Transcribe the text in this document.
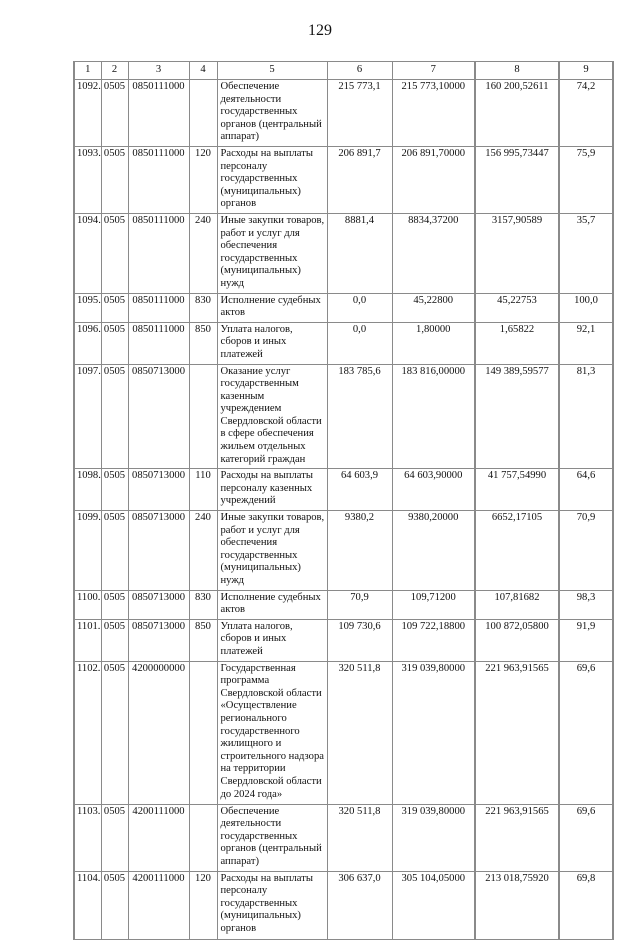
129
1	2	3	4	5	6	7	8	9
1092.	0505	0850111000		Обеспечение деятельности государственных органов (центральный аппарат)	215 773,1	215 773,10000	160 200,52611	74,2
1093.	0505	0850111000	120	Расходы на выплаты персоналу государственных (муниципальных) органов	206 891,7	206 891,70000	156 995,73447	75,9
1094.	0505	0850111000	240	Иные закупки товаров, работ и услуг для обеспечения государственных (муниципальных) нужд	8881,4	8834,37200	3157,90589	35,7
1095.	0505	0850111000	830	Исполнение судебных актов	0,0	45,22800	45,22753	100,0
1096.	0505	0850111000	850	Уплата налогов, сборов и иных платежей	0,0	1,80000	1,65822	92,1
1097.	0505	0850713000		Оказание услуг государственным казенным учреждением Свердловской области в сфере обеспечения жильем отдельных категорий граждан	183 785,6	183 816,00000	149 389,59577	81,3
1098.	0505	0850713000	110	Расходы на выплаты персоналу казенных учреждений	64 603,9	64 603,90000	41 757,54990	64,6
1099.	0505	0850713000	240	Иные закупки товаров, работ и услуг для обеспечения государственных (муниципальных) нужд	9380,2	9380,20000	6652,17105	70,9
1100.	0505	0850713000	830	Исполнение судебных актов	70,9	109,71200	107,81682	98,3
1101.	0505	0850713000	850	Уплата налогов, сборов и иных платежей	109 730,6	109 722,18800	100 872,05800	91,9
1102.	0505	4200000000		Государственная программа Свердловской области «Осуществление регионального государственного жилищного и строительного надзора на территории Свердловской области до 2024 года»	320 511,8	319 039,80000	221 963,91565	69,6
1103.	0505	4200111000		Обеспечение деятельности государственных органов (центральный аппарат)	320 511,8	319 039,80000	221 963,91565	69,6
1104.	0505	4200111000	120	Расходы на выплаты персоналу государственных (муниципальных) органов	306 637,0	305 104,05000	213 018,75920	69,8
